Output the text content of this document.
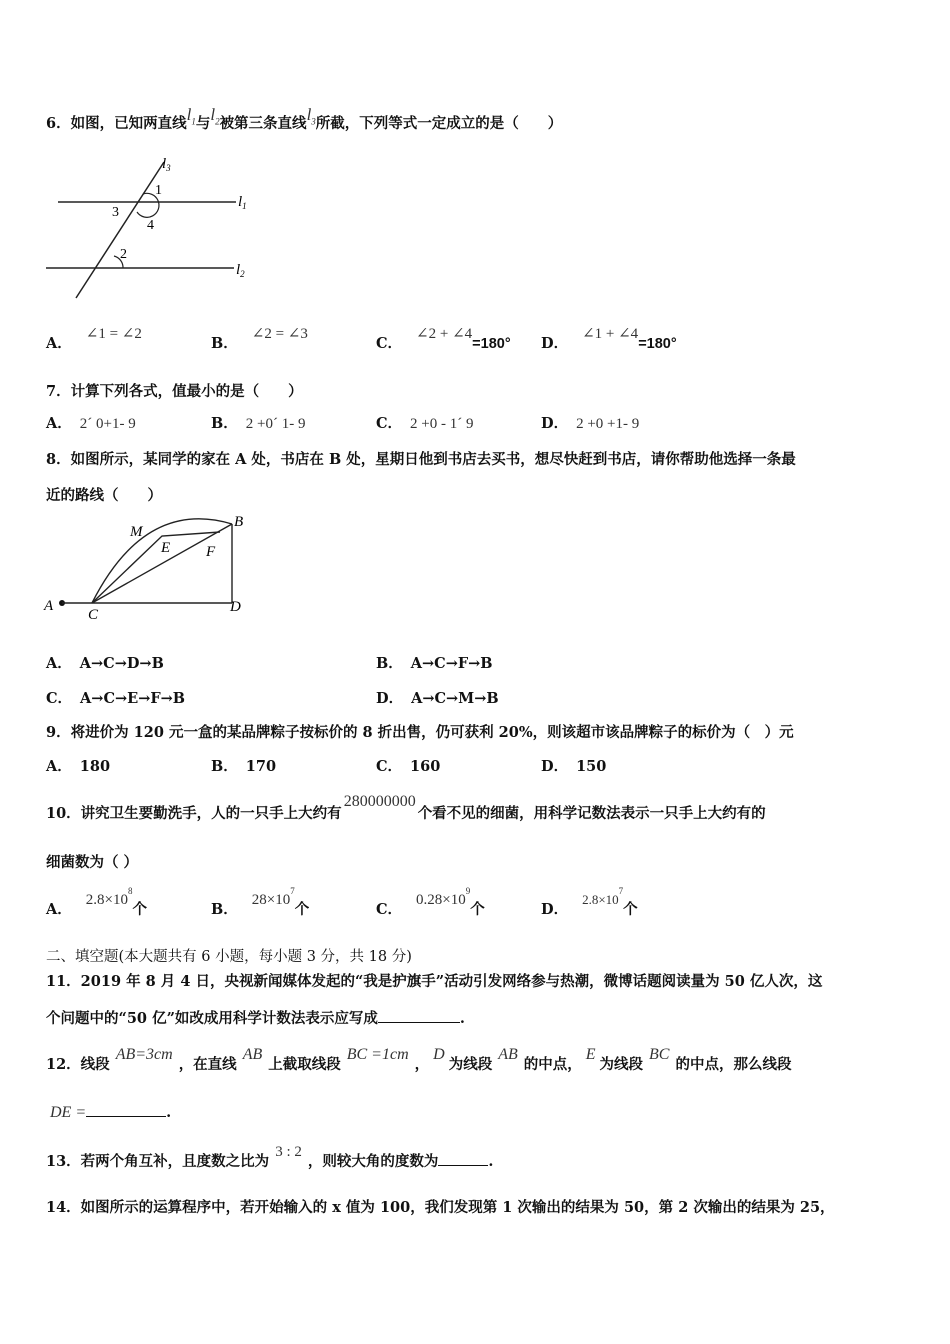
6．如图，已知两直线$l_1$与$l_2$被第三条直线$l_3$所截，下列等式一定成立的是（　　）
$l_3$
$l_1$
$l_2$
1
3
4
2
A．∠1 = ∠2
B．∠2 = ∠3
C．∠2 + ∠4=180° D．∠1 + ∠4=180°
7．计算下列各式，值最小的是（　　）
A． 2´ 0+1- 9	B． 2 +0´ 1- 9	C． 2 +0 - 1´ 9	D． 2 +0 +1- 9
8．如图所示，某同学的家在 A 处，书店在 B 处，星期日他到书店去买书，想尽快赶到书店，请你帮助他选择一条最
近的路线（　　）
A
C	D
B
M
E F
A． A→C→D→B	B． A→C→F→B
C． A→C→E→F→B	D． A→C→M→B
9．将进价为 120 元一盒的某品牌粽子按标价的 8 折出售，仍可获利 20%，则该超市该品牌粽子的标价为（　）元
A． 180	B． 170	C． 160	D． 150
10．讲究卫生要勤洗手，人的一只手上大约有280000000个看不见的细菌，用科学记数法表示一只手上大约有的
细菌数为（ ）
A．$2.8\times 10^8$个	B．$28\times 10^7$个	C．$0.28\times 10^9$个	D．$2.8\times 10^7$个
二、填空题(本大题共有 6 小题，每小题 3 分，共 18 分)
11．2019 年 8 月 4 日，央视新闻媒体发起的“我是护旗手”活动引发网络参与热潮，微博话题阅读量为 50 亿人次，这
个问题中的“50 亿”如改成用科学计数法表示应写成	.
12．线段AB=3cm，在直线AB上截取线段BC =1cm，D为线段AB的中点，E为线段BC的中点，那么线段
DE =	.
13．若两个角互补，且度数之比为3 : 2，则较大角的度数为	.
14．如图所示的运算程序中，若开始输入的 x 值为 100，我们发现第 1 次输出的结果为 50，第 2 次输出的结果为 25，
